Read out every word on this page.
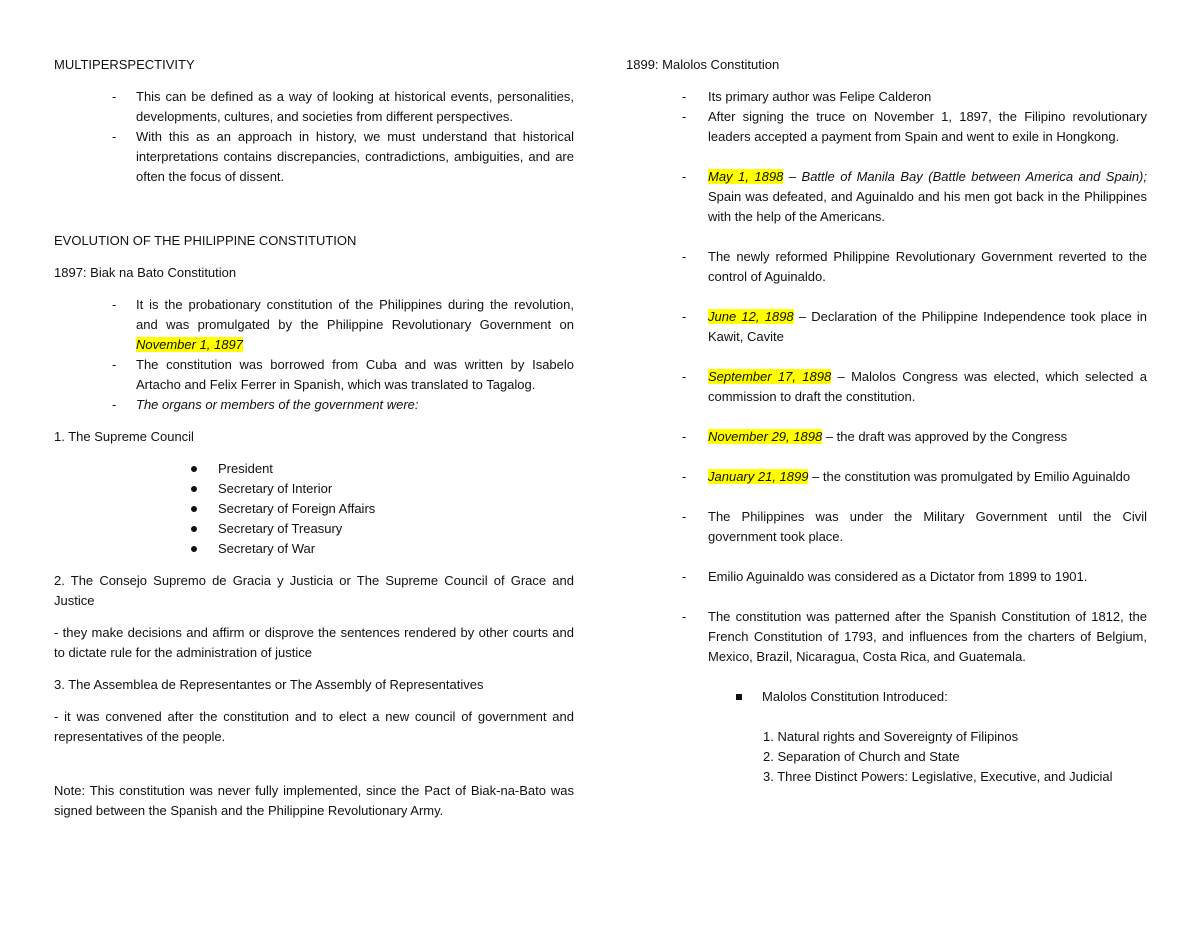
MULTIPERSPECTIVITY

- This can be defined as a way of looking at historical events, personalities, developments, cultures, and societies from different perspectives.
- With this as an approach in history, we must understand that historical interpretations contains discrepancies, contradictions, ambiguities, and are often the focus of dissent.

EVOLUTION OF THE PHILIPPINE CONSTITUTION

1897: Biak na Bato Constitution

- It is the probationary constitution of the Philippines during the revolution, and was promulgated by the Philippine Revolutionary Government on November 1, 1897
- The constitution was borrowed from Cuba and was written by Isabelo Artacho and Felix Ferrer in Spanish, which was translated to Tagalog.
- The organs or members of the government were:

1. The Supreme Council

President
Secretary of Interior
Secretary of Foreign Affairs
Secretary of Treasury
Secretary of War

2. The Consejo Supremo de Gracia y Justicia or The Supreme Council of Grace and Justice

- they make decisions and affirm or disprove the sentences rendered by other courts and to dictate rule for the administration of justice

3. The Assemblea de Representantes or The Assembly of Representatives

- it was convened after the constitution and to elect a new council of government and representatives of the people.

Note: This constitution was never fully implemented, since the Pact of Biak-na-Bato was signed between the Spanish and the Philippine Revolutionary Army.

1899: Malolos Constitution

- Its primary author was Felipe Calderon
- After signing the truce on November 1, 1897, the Filipino revolutionary leaders accepted a payment from Spain and went to exile in Hongkong.
- May 1, 1898 – Battle of Manila Bay (Battle between America and Spain); Spain was defeated, and Aguinaldo and his men got back in the Philippines with the help of the Americans.
- The newly reformed Philippine Revolutionary Government reverted to the control of Aguinaldo.
- June 12, 1898 – Declaration of the Philippine Independence took place in Kawit, Cavite
- September 17, 1898 – Malolos Congress was elected, which selected a commission to draft the constitution.
- November 29, 1898 – the draft was approved by the Congress
- January 21, 1899 – the constitution was promulgated by Emilio Aguinaldo
- The Philippines was under the Military Government until the Civil government took place.
- Emilio Aguinaldo was considered as a Dictator from 1899 to 1901.
- The constitution was patterned after the Spanish Constitution of 1812, the French Constitution of 1793, and influences from the charters of Belgium, Mexico, Brazil, Nicaragua, Costa Rica, and Guatemala.
Malolos Constitution Introduced:

1. Natural rights and Sovereignty of Filipinos

2. Separation of Church and State

3. Three Distinct Powers: Legislative, Executive, and Judicial
